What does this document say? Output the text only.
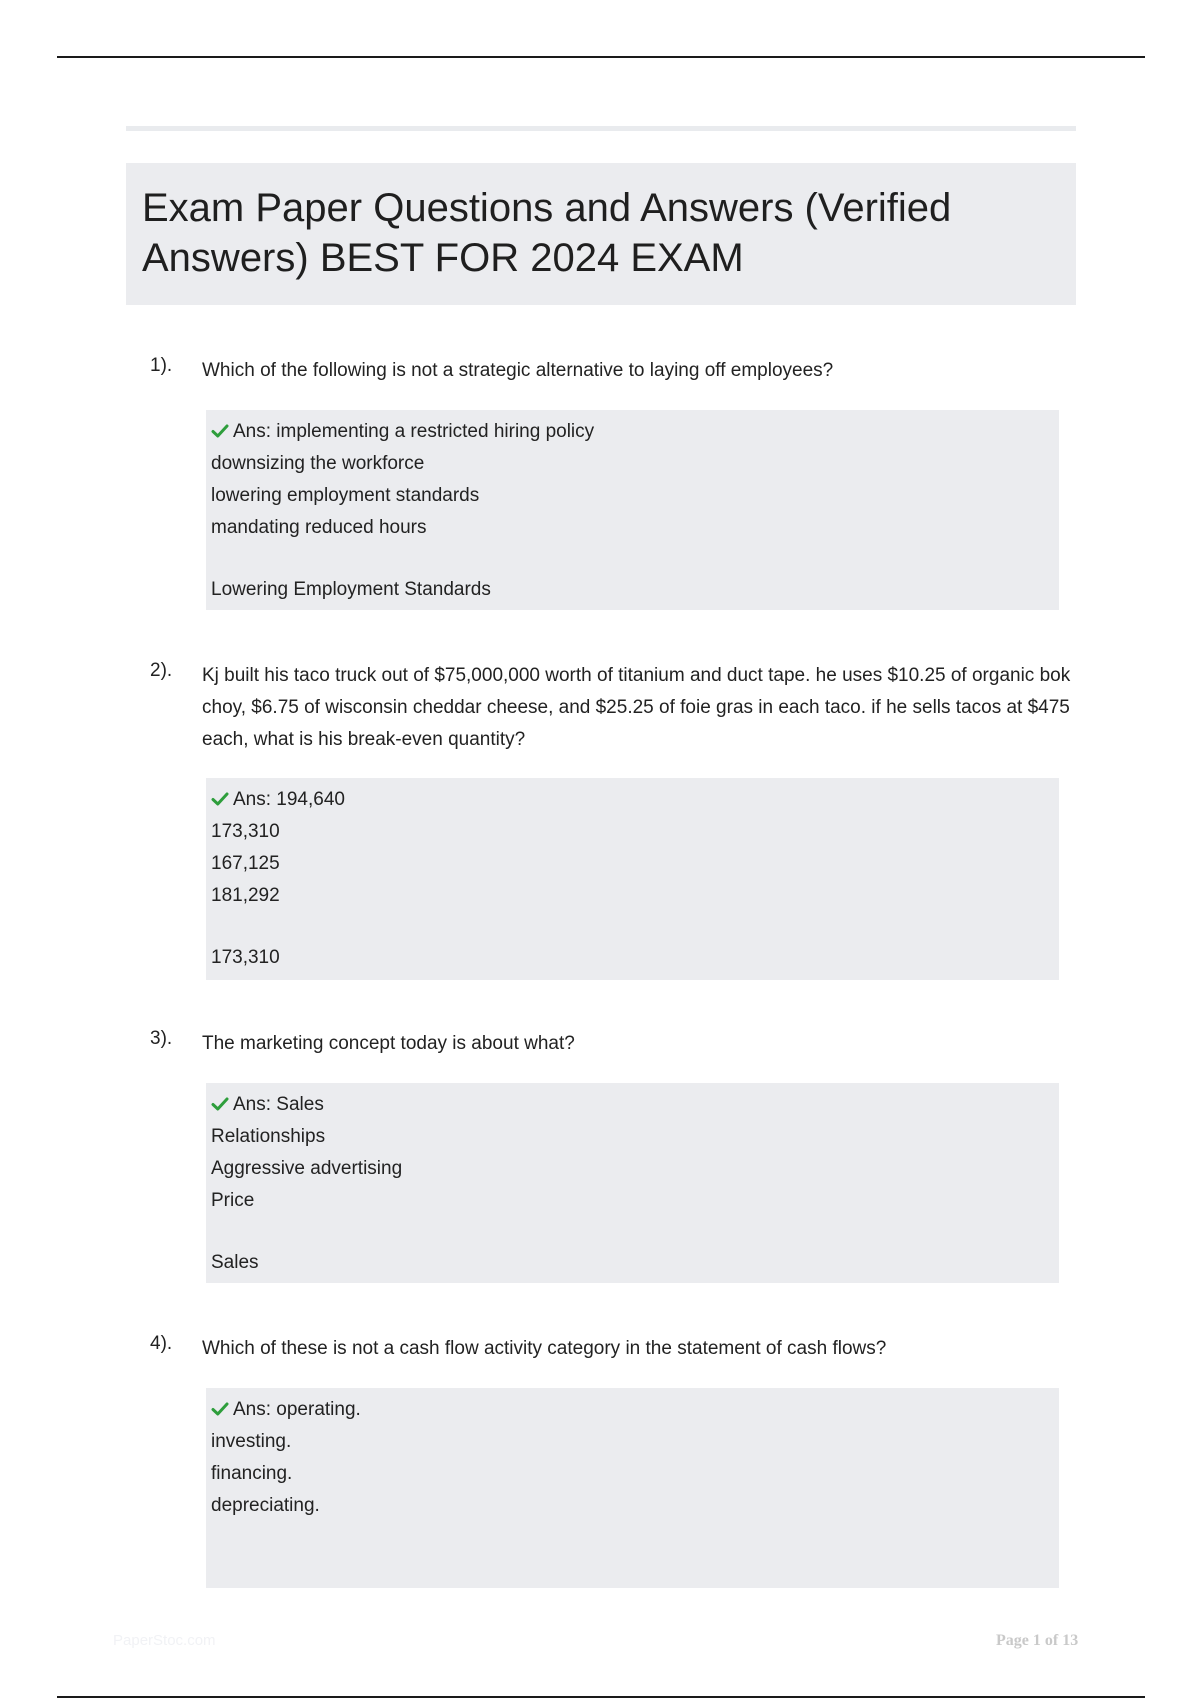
Exam Paper Questions and Answers (Verified Answers) BEST FOR 2024 EXAM
1). Which of the following is not a strategic alternative to laying off employees?
Ans: implementing a restricted hiring policy
downsizing the workforce
lowering employment standards
mandating reduced hours
Lowering Employment Standards
2). Kj built his taco truck out of $75,000,000 worth of titanium and duct tape. he uses $10.25 of organic bok choy, $6.75 of wisconsin cheddar cheese, and $25.25 of foie gras in each taco. if he sells tacos at $475 each, what is his break-even quantity?
Ans: 194,640
173,310
167,125
181,292
173,310
3). The marketing concept today is about what?
Ans: Sales
Relationships
Aggressive advertising
Price
Sales
4). Which of these is not a cash flow activity category in the statement of cash flows?
Ans: operating.
investing.
financing.
depreciating.
PaperStoc.com	Page 1 of 13
